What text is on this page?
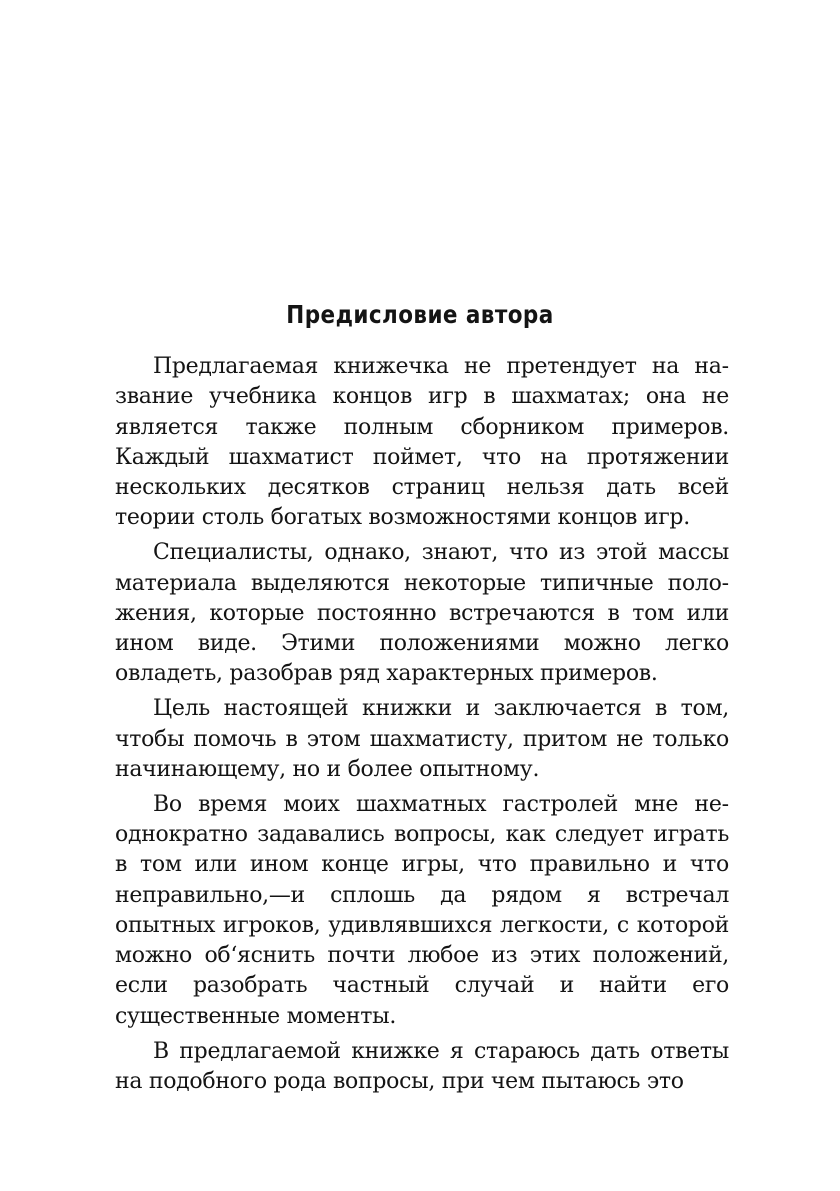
Предисловие автора

Предлагаемая книжечка не претендует на название учебника концов игр в шахматах; она не является также полным сборником примеров. Каждый шахматист поймет, что на протяжении нескольких десятков страниц нельзя дать всей теории столь богатых возможностями концов игр.

Специалисты, однако, знают, что из этой массы материала выделяются некоторые типичные положения, которые постоянно встречаются в том или ином виде. Этими положениями можно легко овладеть, разобрав ряд характерных примеров.

Цель настоящей книжки и заключается в том, чтобы помочь в этом шахматисту, притом не только начинающему, но и более опытному.

Во время моих шахматных гастролей мне неоднократно задавались вопросы, как следует играть в том или ином конце игры, что правильно и что неправильно,—и сплошь да рядом я встречал опытных игроков, удивлявшихся легкости, с которой можно об‘яснить почти любое из этих положений, если разобрать частный случай и найти его существенные моменты.

В предлагаемой книжке я стараюсь дать ответы на подобного рода вопросы, при чем пытаюсь это
